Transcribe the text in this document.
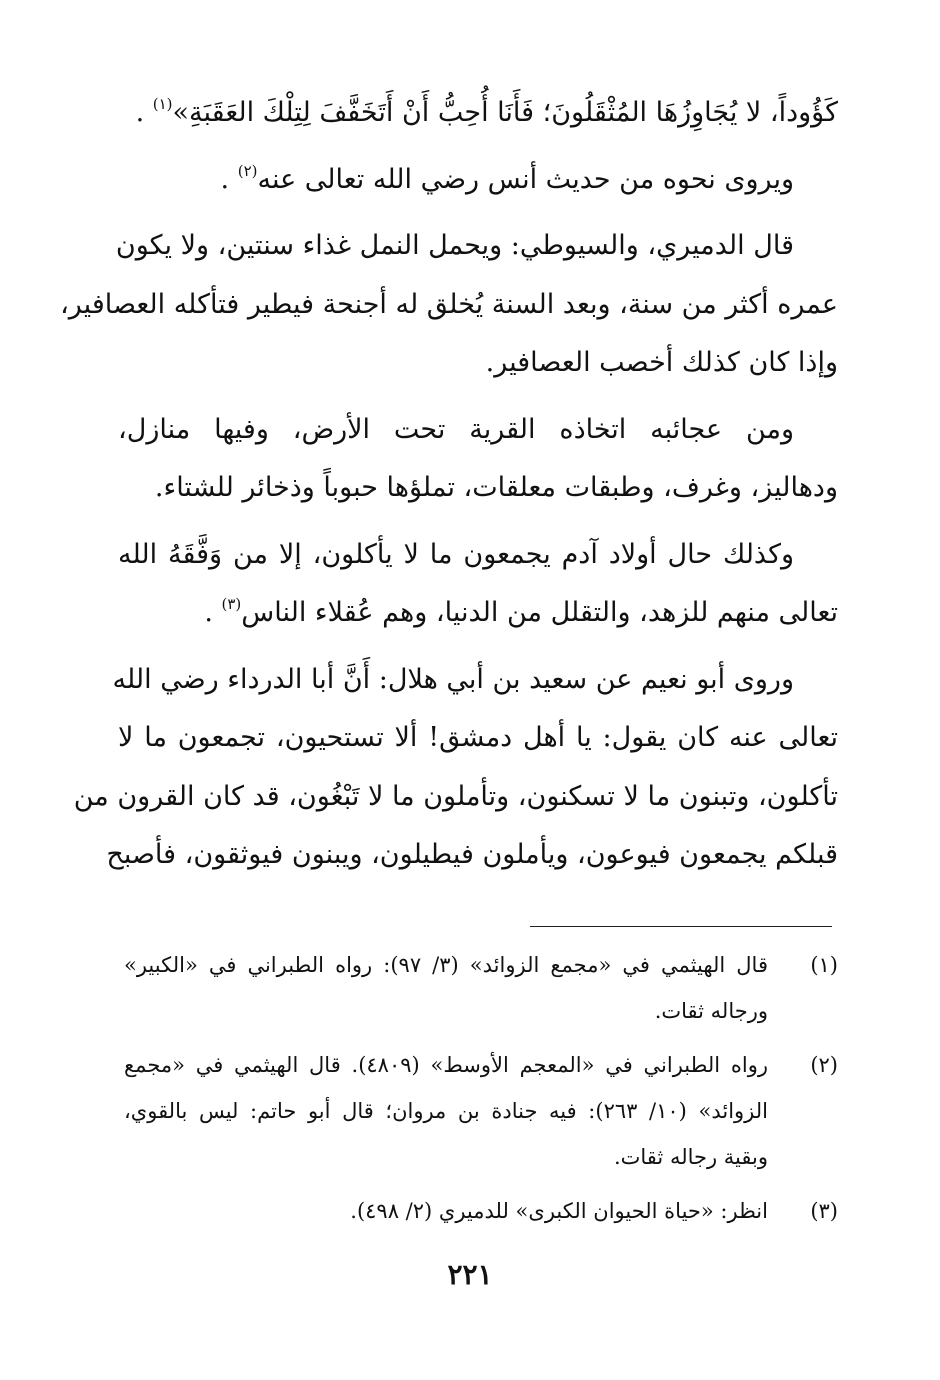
كَؤُوداً، لا يُجَاوِزُهَا المُثْقَلُونَ؛ فَأَنَا أُحِبُّ أَنْ أَتَخَفَّفَ لِتِلْكَ العَقَبَةِ»$^{(١)}$ .
ويروى نحوه من حديث أنس رضي الله تعالى عنه$^{(٢)}$ .
قال الدميري، والسيوطي: ويحمل النمل غذاء سنتين، ولا يكون
عمره أكثر من سنة، وبعد السنة يُخلق له أجنحة فيطير فتأكله العصافير،
وإذا كان كذلك أخصب العصافير.
ومن عجائبه اتخاذه القرية تحت الأرض، وفيها منازل،
ودهاليز، وغرف، وطبقات معلقات، تملؤها حبوباً وذخائر للشتاء.
وكذلك حال أولاد آدم يجمعون ما لا يأكلون، إلا من وَفَّقَهُ الله
تعالى منهم للزهد، والتقلل من الدنيا، وهم عُقلاء الناس$^{(٣)}$ .
وروى أبو نعيم عن سعيد بن أبي هلال: أَنَّ أبا الدرداء رضي الله
تعالى عنه كان يقول: يا أهل دمشق! ألا تستحيون، تجمعون ما لا
تأكلون، وتبنون ما لا تسكنون، وتأملون ما لا تَبْغُون، قد كان القرون من
قبلكم يجمعون فيوعون، ويأملون فيطيلون، ويبنون فيوثقون، فأصبح
(١)
قال الهيثمي في «مجمع الزوائد» (٣/ ٩٧): رواه الطبراني في «الكبير»
ورجاله ثقات.
(٢)
رواه الطبراني في «المعجم الأوسط» (٤٨٠٩). قال الهيثمي في «مجمع
الزوائد» (١٠/ ٢٦٣): فيه جنادة بن مروان؛ قال أبو حاتم: ليس بالقوي،
وبقية رجاله ثقات.
(٣)
انظر: «حياة الحيوان الكبرى» للدميري (٢/ ٤٩٨).
٢٢١
